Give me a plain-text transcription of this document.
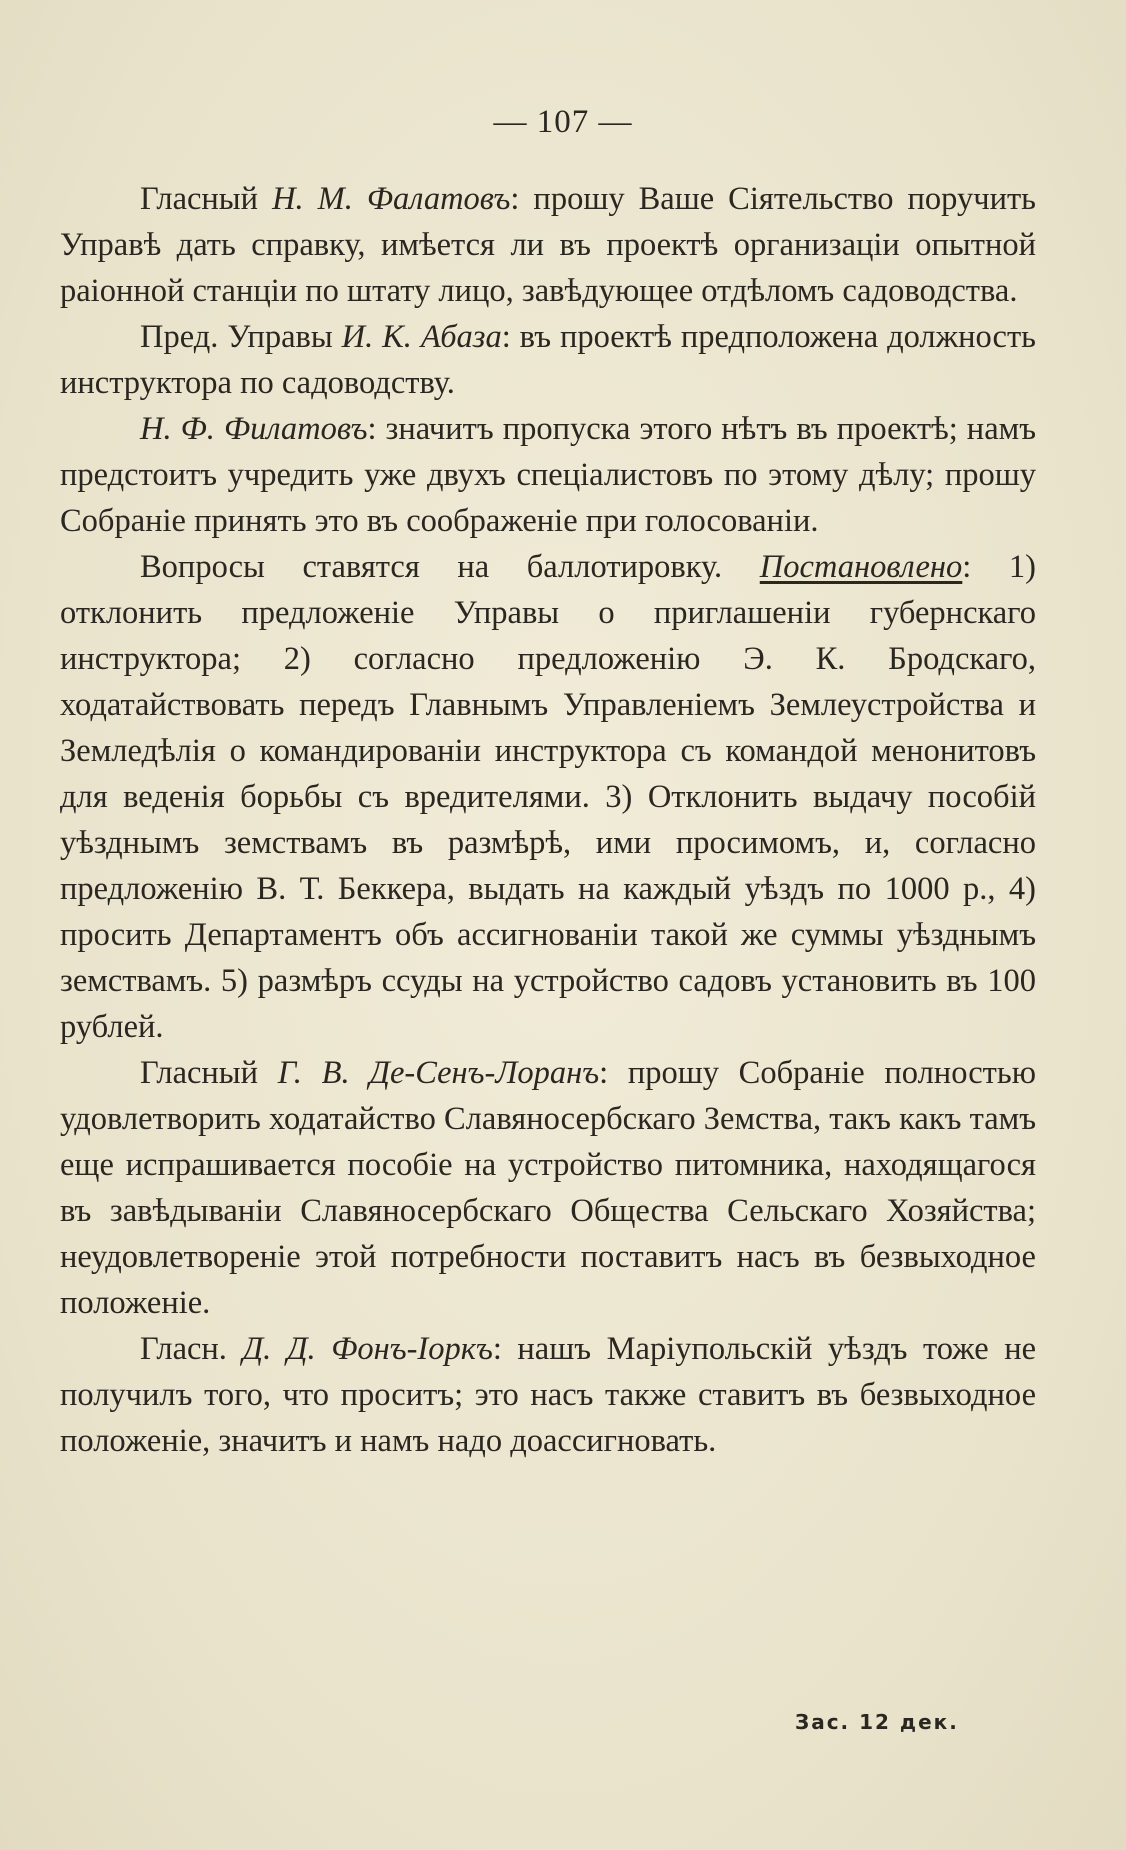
— 107 —

Гласный Н. М. Фалатовъ: прошу Ваше Сіятельство поручить Управѣ дать справку, имѣется ли въ проектѣ организаціи опытной раіонной станціи по штату лицо, завѣдующее отдѣломъ садоводства.

Пред. Управы И. К. Абаза: въ проектѣ предположена должность инструктора по садоводству.

Н. Ф. Филатовъ: значитъ пропуска этого нѣтъ въ проектѣ; намъ предстоитъ учредить уже двухъ спеціалистовъ по этому дѣлу; прошу Собраніе принять это въ соображеніе при голосованіи.

Вопросы ставятся на баллотировку. Постановлено: 1) отклонить предложеніе Управы о приглашеніи губернскаго инструктора; 2) согласно предложенію Э. К. Бродскаго, ходатайствовать передъ Главнымъ Управленіемъ Землеустройства и Земледѣлія о командированіи инструктора съ командой менонитовъ для веденія борьбы съ вредителями. 3) Отклонить выдачу пособій уѣзднымъ земствамъ въ размѣрѣ, ими просимомъ, и, согласно предложенію В. Т. Беккера, выдать на каждый уѣздъ по 1000 р., 4) просить Департаментъ объ ассигнованіи такой же суммы уѣзднымъ земствамъ. 5) размѣръ ссуды на устройство садовъ установить въ 100 рублей.

Гласный Г. В. Де-Сенъ-Лоранъ: прошу Собраніе полностью удовлетворить ходатайство Славяносербскаго Земства, такъ какъ тамъ еще испрашивается пособіе на устройство питомника, находящагося въ завѣдываніи Славяносербскаго Общества Сельскаго Хозяйства; неудовлетвореніе этой потребности поставитъ насъ въ безвыходное положеніе.

Гласн. Д. Д. Фонъ-Іоркъ: нашъ Маріупольскій уѣздъ тоже не получилъ того, что проситъ; это насъ также ставитъ въ безвыходное положеніе, значитъ и намъ надо доассигновать.

Зас. 12 дек.
